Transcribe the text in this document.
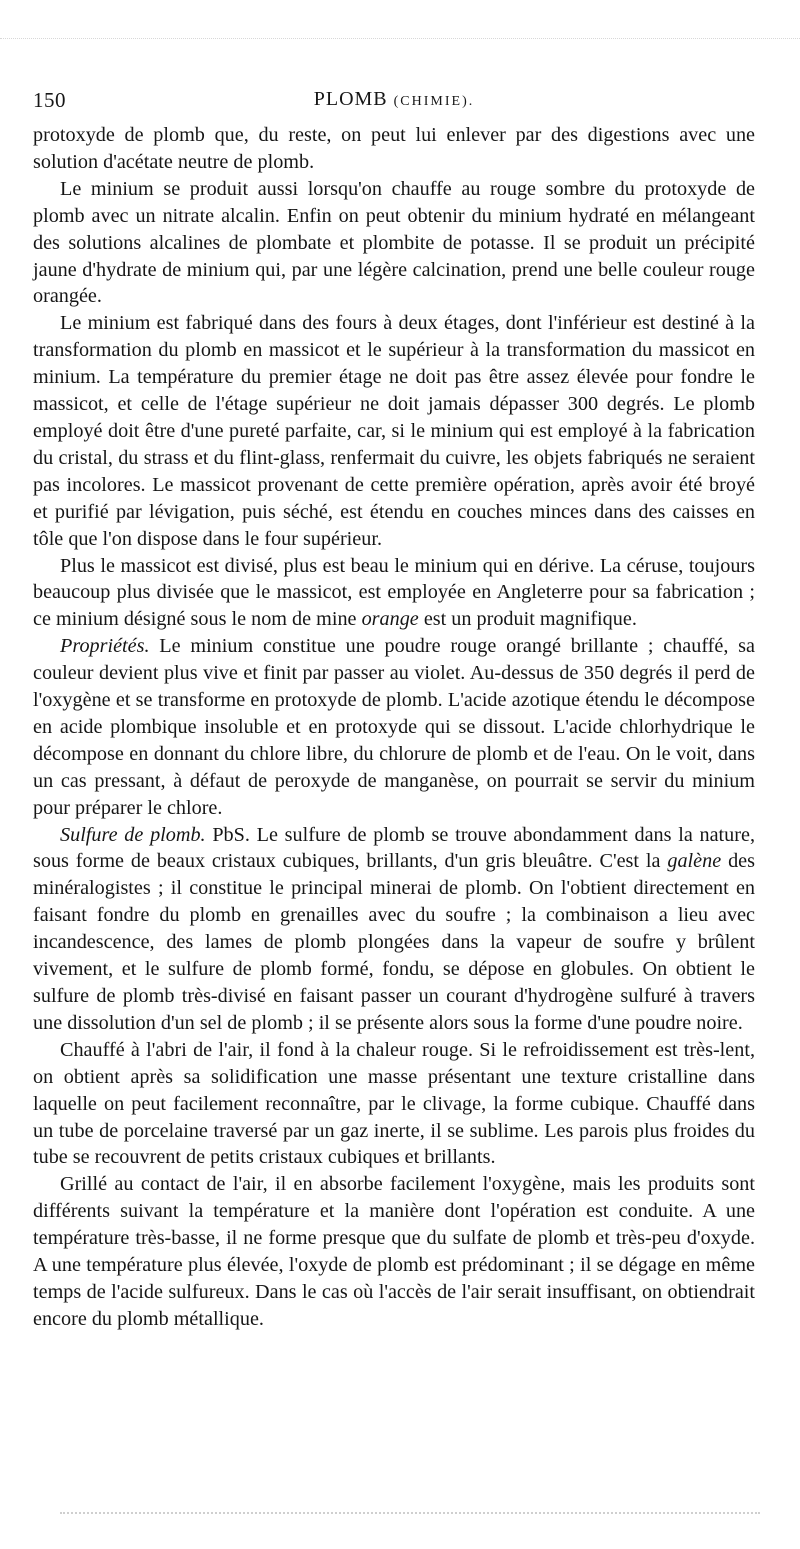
150	PLOMB (CHIMIE).

protoxyde de plomb que, du reste, on peut lui enlever par des digestions avec une solution d'acétate neutre de plomb.

Le minium se produit aussi lorsqu'on chauffe au rouge sombre du protoxyde de plomb avec un nitrate alcalin. Enfin on peut obtenir du minium hydraté en mélangeant des solutions alcalines de plombate et plombite de potasse. Il se produit un précipité jaune d'hydrate de minium qui, par une légère calcination, prend une belle couleur rouge orangée.

Le minium est fabriqué dans des fours à deux étages, dont l'inférieur est destiné à la transformation du plomb en massicot et le supérieur à la transformation du massicot en minium. La température du premier étage ne doit pas être assez élevée pour fondre le massicot, et celle de l'étage supérieur ne doit jamais dépasser 300 degrés. Le plomb employé doit être d'une pureté parfaite, car, si le minium qui est employé à la fabrication du cristal, du strass et du flint-glass, renfermait du cuivre, les objets fabriqués ne seraient pas incolores. Le massicot provenant de cette première opération, après avoir été broyé et purifié par lévigation, puis séché, est étendu en couches minces dans des caisses en tôle que l'on dispose dans le four supérieur.

Plus le massicot est divisé, plus est beau le minium qui en dérive. La céruse, toujours beaucoup plus divisée que le massicot, est employée en Angleterre pour sa fabrication ; ce minium désigné sous le nom de mine orange est un produit magnifique.

Propriétés. Le minium constitue une poudre rouge orangé brillante ; chauffé, sa couleur devient plus vive et finit par passer au violet. Au-dessus de 350 degrés il perd de l'oxygène et se transforme en protoxyde de plomb. L'acide azotique étendu le décompose en acide plombique insoluble et en protoxyde qui se dissout. L'acide chlorhydrique le décompose en donnant du chlore libre, du chlorure de plomb et de l'eau. On le voit, dans un cas pressant, à défaut de peroxyde de manganèse, on pourrait se servir du minium pour préparer le chlore.

Sulfure de plomb. PbS. Le sulfure de plomb se trouve abondamment dans la nature, sous forme de beaux cristaux cubiques, brillants, d'un gris bleuâtre. C'est la galène des minéralogistes ; il constitue le principal minerai de plomb. On l'obtient directement en faisant fondre du plomb en grenailles avec du soufre ; la combinaison a lieu avec incandescence, des lames de plomb plongées dans la vapeur de soufre y brûlent vivement, et le sulfure de plomb formé, fondu, se dépose en globules. On obtient le sulfure de plomb très-divisé en faisant passer un courant d'hydrogène sulfuré à travers une dissolution d'un sel de plomb ; il se présente alors sous la forme d'une poudre noire.

Chauffé à l'abri de l'air, il fond à la chaleur rouge. Si le refroidissement est très-lent, on obtient après sa solidification une masse présentant une texture cristalline dans laquelle on peut facilement reconnaître, par le clivage, la forme cubique. Chauffé dans un tube de porcelaine traversé par un gaz inerte, il se sublime. Les parois plus froides du tube se recouvrent de petits cristaux cubiques et brillants.

Grillé au contact de l'air, il en absorbe facilement l'oxygène, mais les produits sont différents suivant la température et la manière dont l'opération est conduite. A une température très-basse, il ne forme presque que du sulfate de plomb et très-peu d'oxyde. A une température plus élevée, l'oxyde de plomb est prédominant ; il se dégage en même temps de l'acide sulfureux. Dans le cas où l'accès de l'air serait insuffisant, on obtiendrait encore du plomb métallique.
